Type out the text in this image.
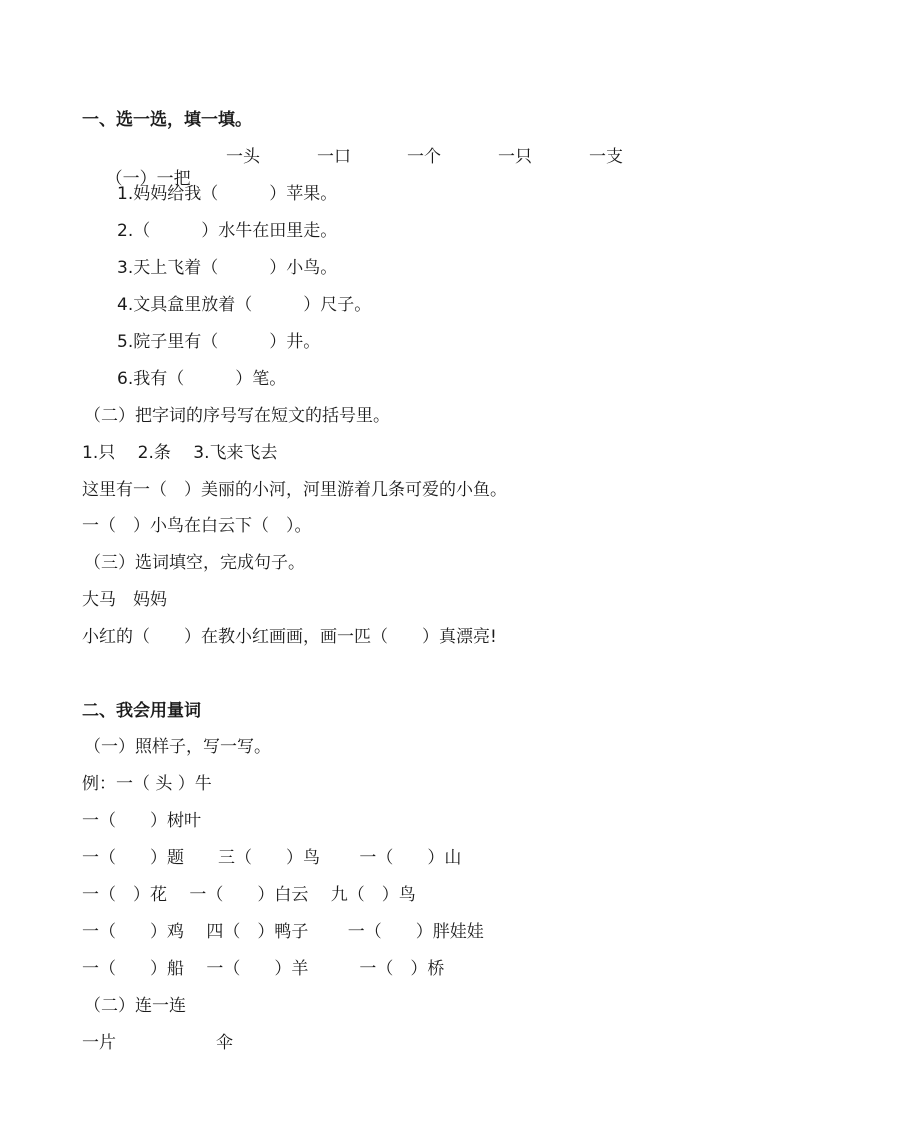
一、选一选，填一填。

（一）一把

一头	一口	一个	一只	一支
1.妈妈给我（　　　）苹果。
2.（　　　）水牛在田里走。
3.天上飞着（　　　）小鸟。
4.文具盒里放着（　　　）尺子。
5.院子里有（　　　）井。
6.我有（　　　）笔。
（二）把字词的序号写在短文的括号里。
1.只　 2.条　 3.飞来飞去
这里有一（　）美丽的小河，河里游着几条可爱的小鱼。
一（　）小鸟在白云下（　）。
（三）选词填空，完成句子。
大马　妈妈
小红的（　　）在教小红画画，画一匹（　　）真漂亮!
二、我会用量词
（一）照样子，写一写。
例：一（ 头 ）牛
一（　　）树叶
一（　　）题　　三（　　）鸟　　 一（　　）山
一（　）花　 一（　　）白云　 九（　）鸟
一（　　）鸡　 四（　）鸭子　　 一（　　）胖娃娃
一（　　）船　 一（　　）羊　　　一（　）桥
（二）连一连
一片	伞
